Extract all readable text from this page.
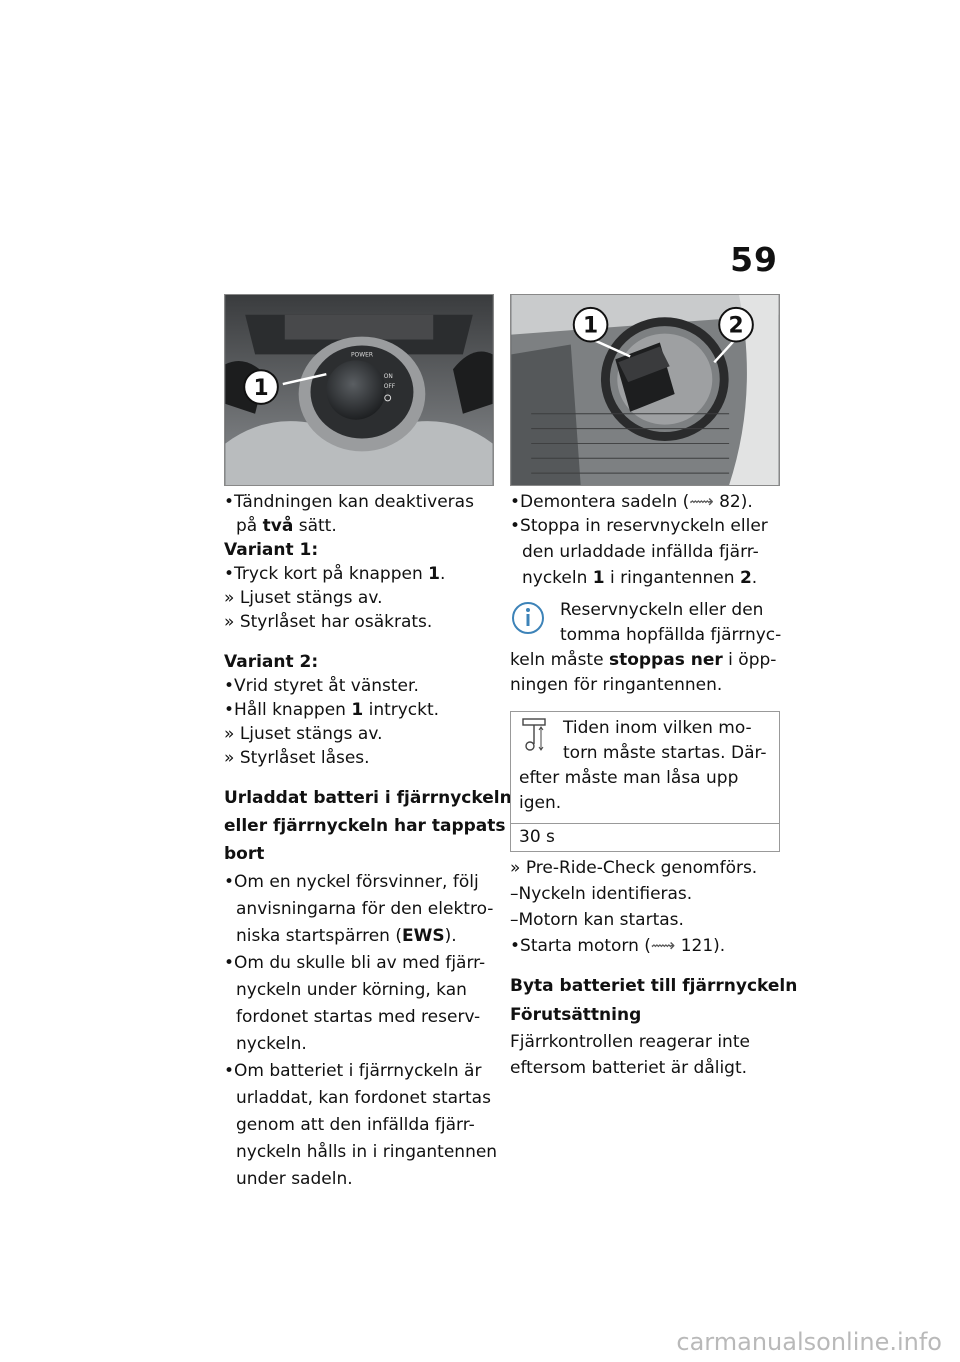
59
POWER
ON
OFF
1
1	2
•Tändningen kan deaktiveras
på två sätt.
Variant 1:
•Tryck kort på knappen 1.
» Ljuset stängs av.
» Styrlåset har osäkrats.
Variant 2:
•Vrid styret åt vänster.
•Håll knappen 1 intryckt.
» Ljuset stängs av.
» Styrlåset låses.
Urladdat batteri i fjärrnyckeln
eller fjärrnyckeln har tappats
bort
•Om en nyckel försvinner, följ
anvisningarna för den elektro-
niska startspärren (EWS).
•Om du skulle bli av med fjärr-
nyckeln under körning, kan
fordonet startas med reserv-
nyckeln.
•Om batteriet i fjärrnyckeln är
urladdat, kan fordonet startas
genom att den infällda fjärr-
nyckeln hålls in i ringantennen
under sadeln.
•Demontera sadeln (⟿ 82).
•Stoppa in reservnyckeln eller
den urladdade infällda fjärr-
nyckeln 1 i ringantennen 2.
Reservnyckeln eller den
tomma hopfällda fjärrnyc-
keln måste stoppas ner i öpp-
ningen för ringantennen.
Tiden inom vilken mo-
torn måste startas. Där-
efter måste man låsa upp
igen.
30 s
» Pre-Ride-Check genomförs.
–Nyckeln identifieras.
–Motorn kan startas.
•Starta motorn (⟿ 121).
Byta batteriet till fjärrnyckeln
Förutsättning
Fjärrkontrollen reagerar inte
eftersom batteriet är dåligt.
carmanualsonline.info
